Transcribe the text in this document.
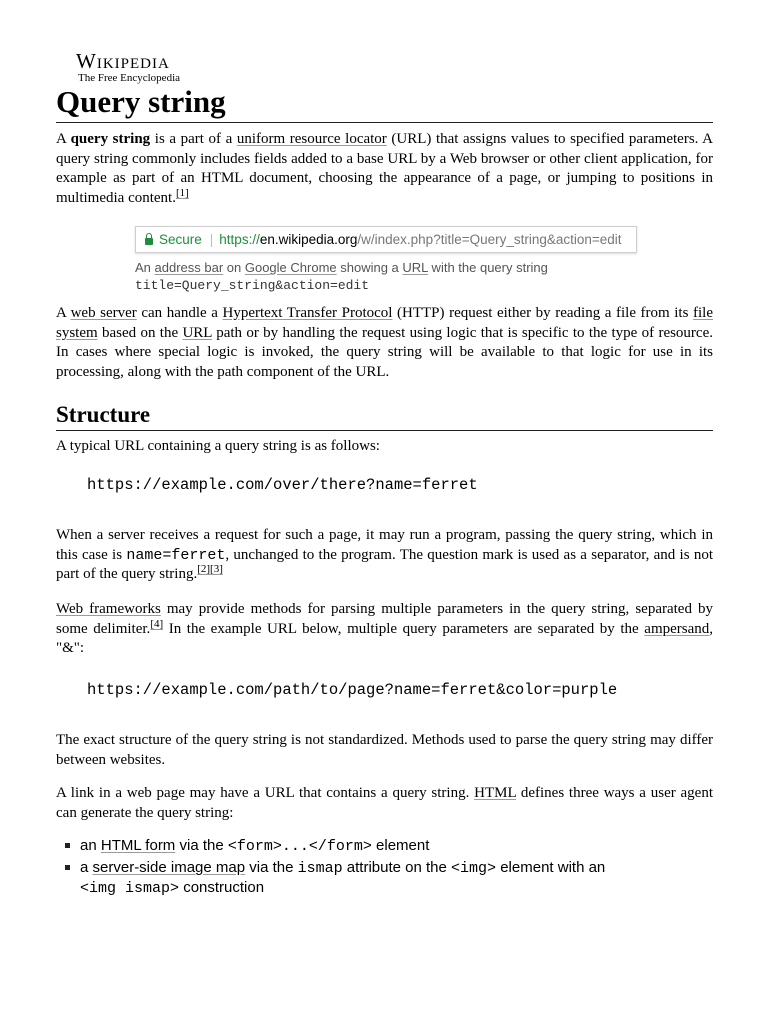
Wikipedia
The Free Encyclopedia
Query string

A query string is a part of a uniform resource locator (URL) that assigns values to specified parameters. A query string commonly includes fields added to a base URL by a Web browser or other client application, for example as part of an HTML document, choosing the appearance of a page, or jumping to positions in multimedia content.[1]

Secure | https://en.wikipedia.org/w/index.php?title=Query_string&action=edit
An address bar on Google Chrome showing a URL with the query string
title=Query_string&action=edit

A web server can handle a Hypertext Transfer Protocol (HTTP) request either by reading a file from its file system based on the URL path or by handling the request using logic that is specific to the type of resource. In cases where special logic is invoked, the query string will be available to that logic for use in its processing, along with the path component of the URL.

Structure

A typical URL containing a query string is as follows:

https://example.com/over/there?name=ferret

When a server receives a request for such a page, it may run a program, passing the query string, which in this case is name=ferret, unchanged to the program. The question mark is used as a separator, and is not part of the query string.[2][3]

Web frameworks may provide methods for parsing multiple parameters in the query string, separated by some delimiter.[4] In the example URL below, multiple query parameters are separated by the ampersand, "&":

https://example.com/path/to/page?name=ferret&color=purple

The exact structure of the query string is not standardized. Methods used to parse the query string may differ between websites.

A link in a web page may have a URL that contains a query string. HTML defines three ways a user agent can generate the query string:

an HTML form via the <form>...</form> element
a server-side image map via the ismap attribute on the <img> element with an
<img ismap> construction
